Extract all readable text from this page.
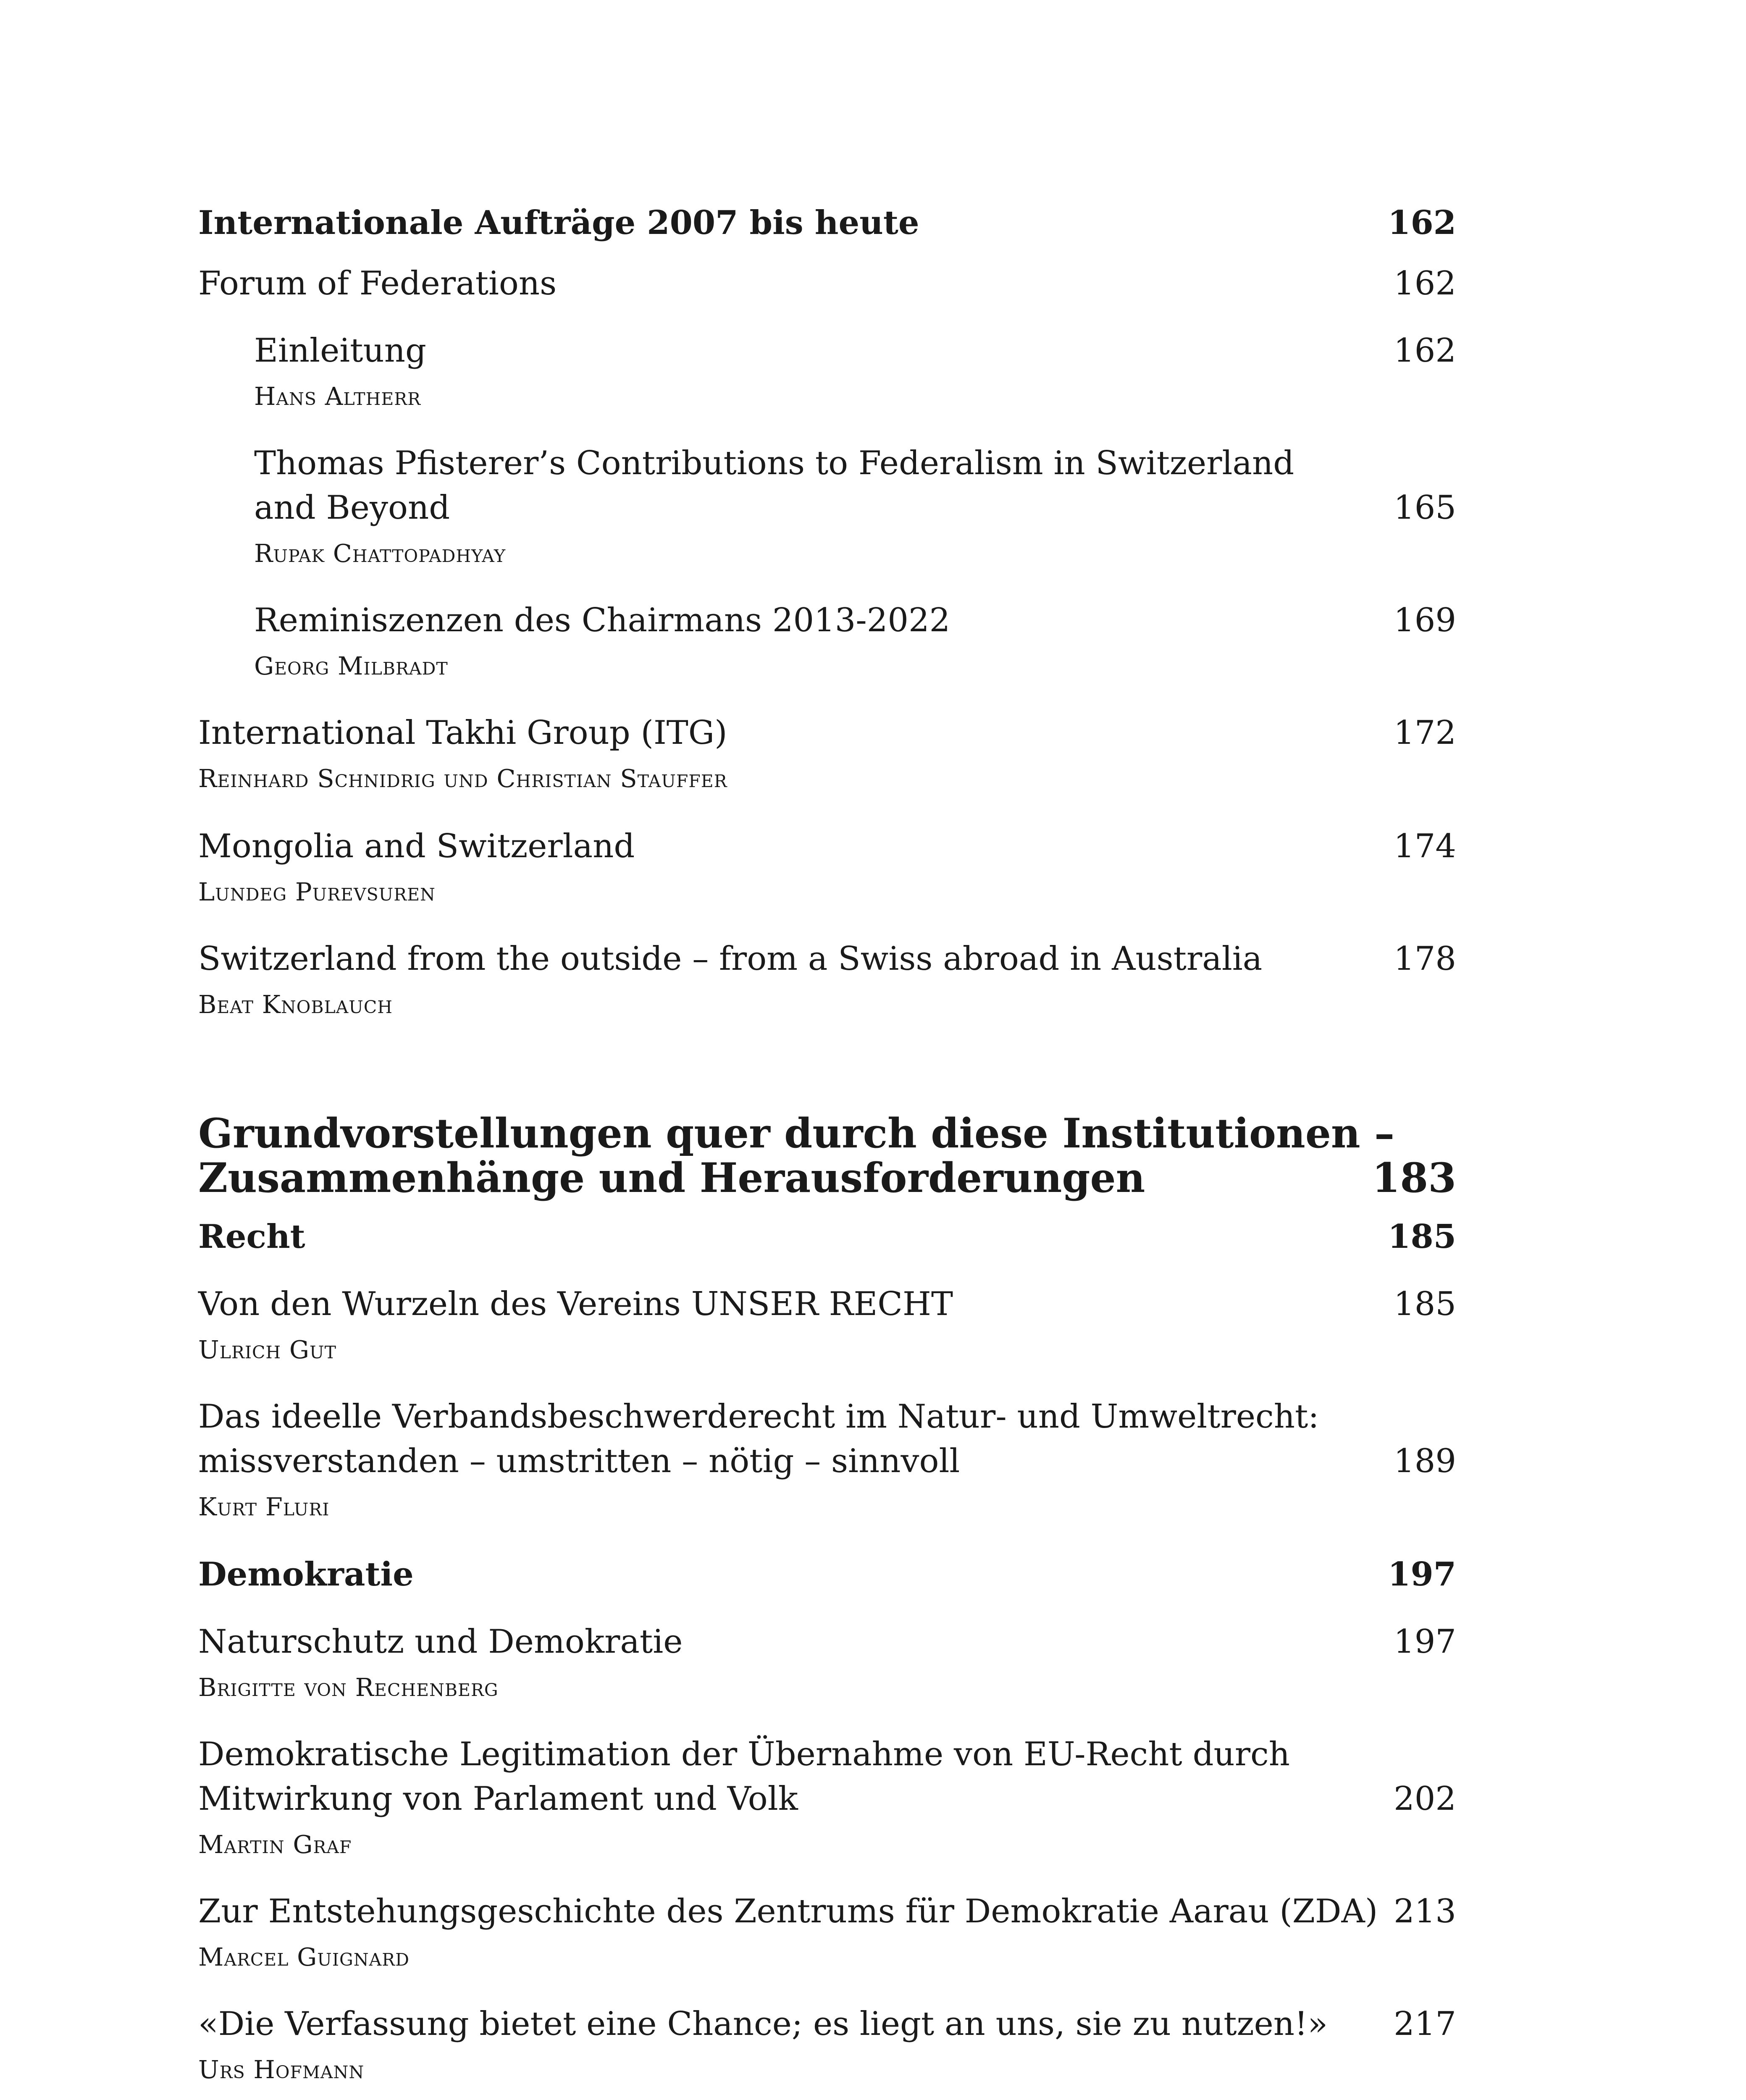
Internationale Aufträge 2007 bis heute	162
Forum of Federations	162
Einleitung	162
Hans Altherr
Thomas Pfisterer’s Contributions to Federalism in Switzerland
and Beyond	165
Rupak Chattopadhyay
Reminiszenzen des Chairmans 2013-2022	169
Georg Milbradt
International Takhi Group (ITG)	172
Reinhard Schnidrig und Christian Stauffer
Mongolia and Switzerland	174
Lundeg Purevsuren
Switzerland from the outside – from a Swiss abroad in Australia	178
Beat Knoblauch
Grundvorstellungen quer durch diese Institutionen –
Zusammenhänge und Herausforderungen	183
Recht	185
Von den Wurzeln des Vereins UNSER RECHT	185
Ulrich Gut
Das ideelle Verbandsbeschwerderecht im Natur- und Umweltrecht:
missverstanden – umstritten – nötig – sinnvoll	189
Kurt Fluri
Demokratie	197
Naturschutz und Demokratie	197
Brigitte von Rechenberg
Demokratische Legitimation der Übernahme von EU-Recht durch
Mitwirkung von Parlament und Volk	202
Martin Graf
Zur Entstehungsgeschichte des Zentrums für Demokratie Aarau (ZDA) 213
Marcel Guignard
«Die Verfassung bietet eine Chance; es liegt an uns, sie zu nutzen!» 217
Urs Hofmann
